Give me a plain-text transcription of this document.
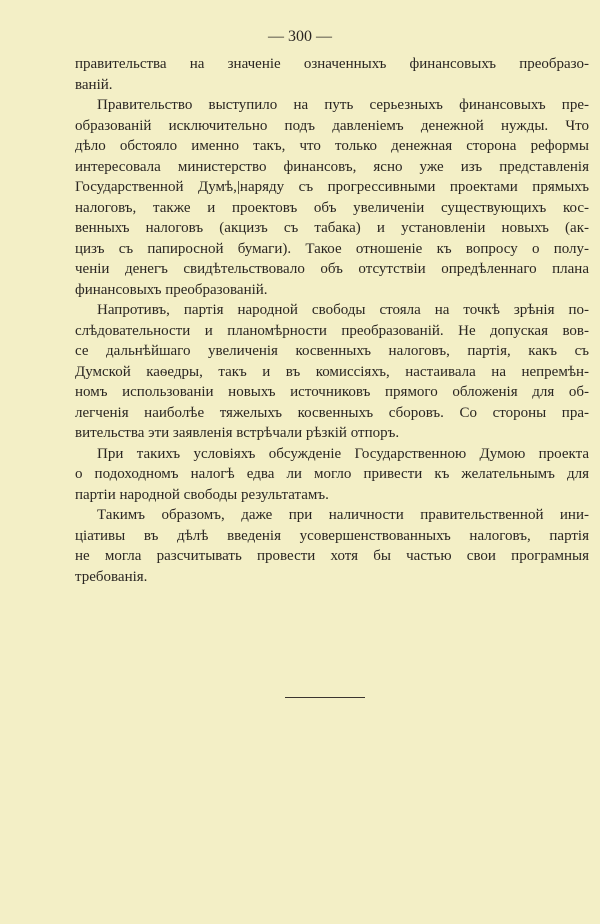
— 300 —
правительства на значеніе означенныхъ финансовыхъ преобразо-
ваній.
Правительство выступило на путь серьезныхъ финансовыхъ пре-
образованій исключительно подъ давленіемъ денежной нужды. Что
дѣло обстояло именно такъ, что только денежная сторона реформы
интересовала министерство финансовъ, ясно уже изъ представленія
Государственной Думѣ,|наряду съ прогрессивными проектами прямыхъ
налоговъ, также и проектовъ объ увеличеніи существующихъ кос-
венныхъ налоговъ (акцизъ съ табака) и установленіи новыхъ (ак-
цизъ съ папиросной бумаги). Такое отношеніе къ вопросу о полу-
ченіи денегъ свидѣтельствовало объ отсутствіи опредѣленнаго плана
финансовыхъ преобразованій.
Напротивъ, партія народной свободы стояла на точкѣ зрѣнія по-
слѣдовательности и планомѣрности преобразованій. Не допуская вов-
се дальнѣйшаго увеличенія косвенныхъ налоговъ, партія, какъ съ
Думской каѳедры, такъ и въ комиссіяхъ, настаивала на непремѣн-
номъ использованіи новыхъ источниковъ прямого обложенія для об-
легченія наиболѣе тяжелыхъ косвенныхъ сборовъ. Со стороны пра-
вительства эти заявленія встрѣчали рѣзкій отпоръ.
При такихъ условіяхъ обсужденіе Государственною Думою проекта
о подоходномъ налогѣ едва ли могло привести къ желательнымъ для
партіи народной свободы результатамъ.
Такимъ образомъ, даже при наличности правительственной ини-
ціативы въ дѣлѣ введенія усовершенствованныхъ налоговъ, партія
не могла разсчитывать провести хотя бы частью свои програмныя
требованія.
